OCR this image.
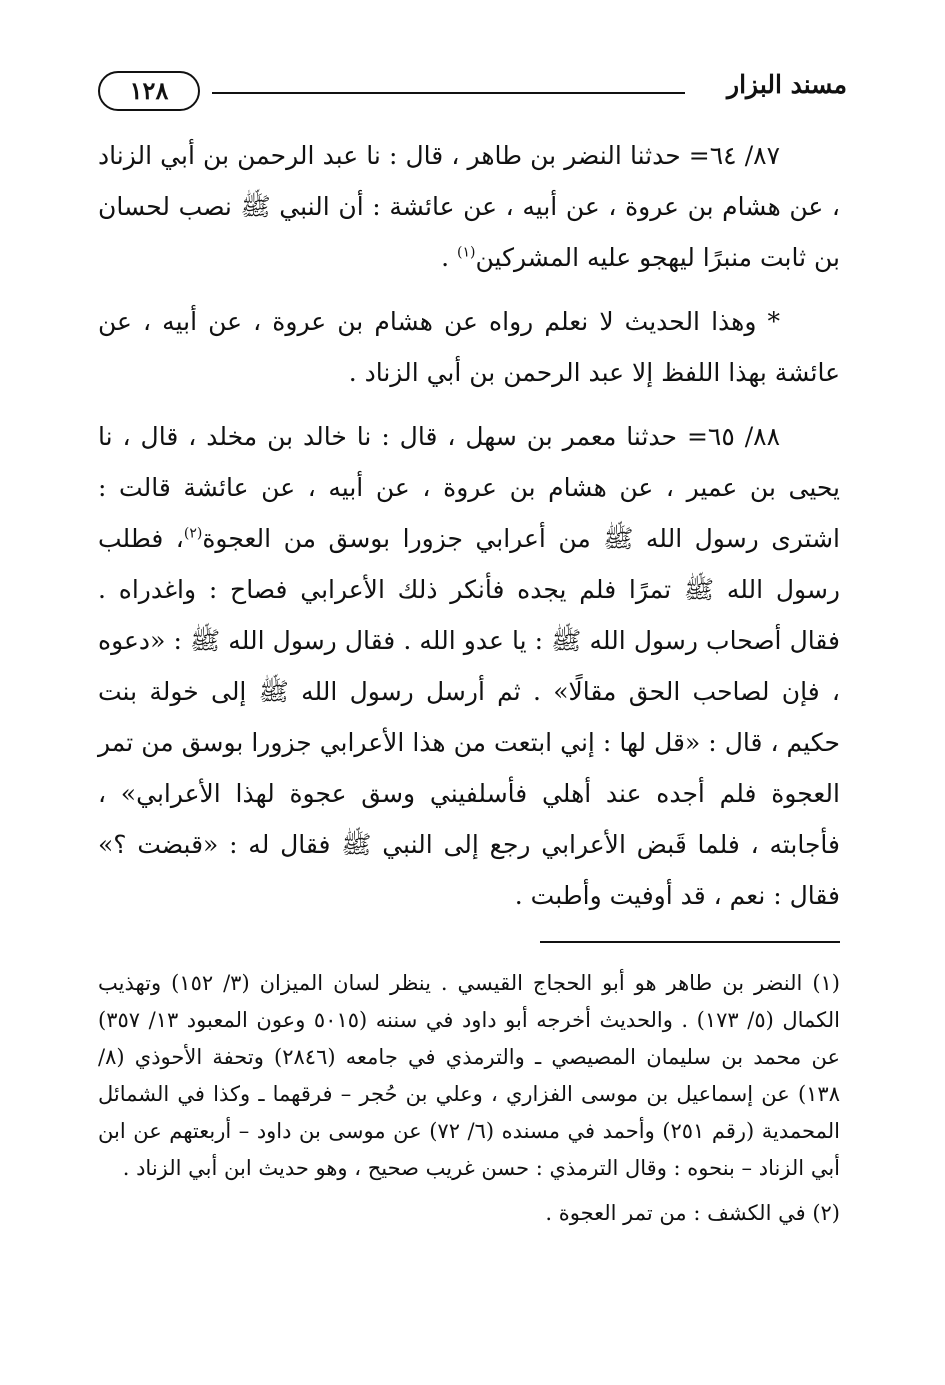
مسند البزار
١٢٨

٨٧/ ٦٤= حدثنا النضر بن طاهر ، قال : نا عبد الرحمن بن أبي الزناد ، عن هشام بن عروة ، عن أبيه ، عن عائشة : أن النبي ﷺ نصب لحسان بن ثابت منبرًا ليهجو عليه المشركين$^{(١)}$ .

* وهذا الحديث لا نعلم رواه عن هشام بن عروة ، عن أبيه ، عن عائشة بهذا اللفظ إلا عبد الرحمن بن أبي الزناد .

٨٨/ ٦٥= حدثنا معمر بن سهل ، قال : نا خالد بن مخلد ، قال ، نا يحيى بن عمير ، عن هشام بن عروة ، عن أبيه ، عن عائشة قالت : اشترى رسول الله ﷺ من أعرابي جزورا بوسق من العجوة$^{(٢)}$، فطلب رسول الله ﷺ تمرًا فلم يجده فأنكر ذلك الأعرابي فصاح : واغدراه . فقال أصحاب رسول الله ﷺ : يا عدو الله . فقال رسول الله ﷺ : «دعوه ، فإن لصاحب الحق مقالًا» . ثم أرسل رسول الله ﷺ إلى خولة بنت حكيم ، قال : «قل لها : إني ابتعت من هذا الأعرابي جزورا بوسق من تمر العجوة فلم أجده عند أهلي فأسلفيني وسق عجوة لهذا الأعرابي» ، فأجابته ، فلما قَبض الأعرابي رجع إلى النبي ﷺ فقال له : «قبضت ؟» فقال : نعم ، قد أوفيت وأطبت .

(١) النضر بن طاهر هو أبو الحجاج القيسي . ينظر لسان الميزان (٣/ ١٥٢) وتهذيب الكمال (٥/ ١٧٣) . والحديث أخرجه أبو داود في سننه (٥٠١٥ وعون المعبود ١٣/ ٣٥٧) عن محمد بن سليمان المصيصي ـ والترمذي في جامعه (٢٨٤٦) وتحفة الأحوذي (٨/ ١٣٨) عن إسماعيل بن موسى الفزاري ، وعلي بن حُجر – فرقهما ـ وكذا في الشمائل المحمدية (رقم ٢٥١) وأحمد في مسنده (٦/ ٧٢) عن موسى بن داود – أربعتهم عن ابن أبي الزناد – بنحوه : وقال الترمذي : حسن غريب صحيح ، وهو حديث ابن أبي الزناد .

(٢) في الكشف : من تمر العجوة .
